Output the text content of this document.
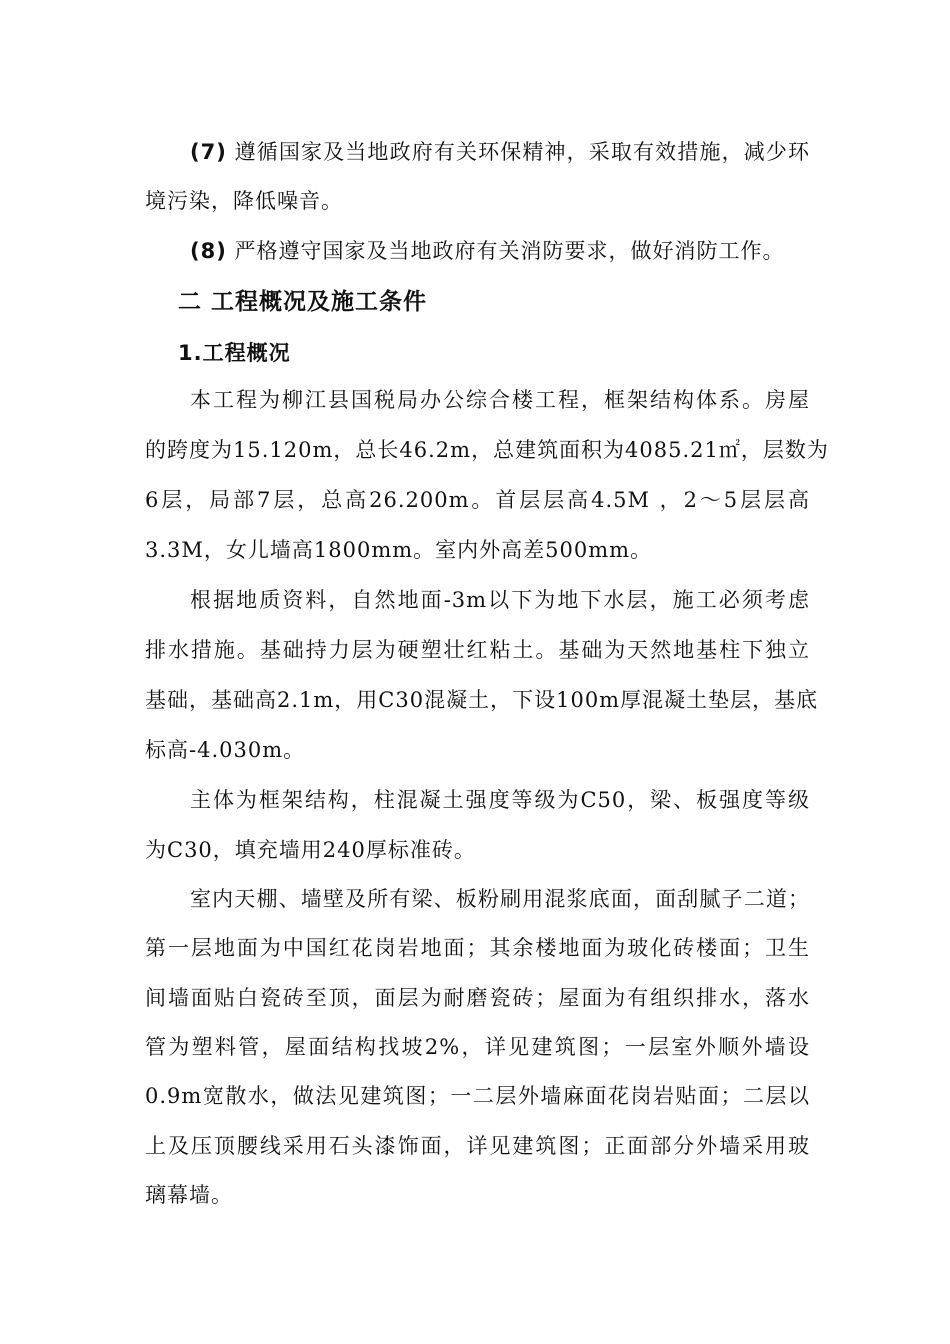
(7) 遵循国家及当地政府有关环保精神，采取有效措施，减少环
境污染，降低噪音。
(8) 严格遵守国家及当地政府有关消防要求，做好消防工作。
二 工程概况及施工条件
1.工程概况
本工程为柳江县国税局办公综合楼工程，框架结构体系。房屋
的跨度为15.120m，总长46.2m，总建筑面积为4085.21㎡，层数为
6层，局部7层，总高26.200m。首层层高4.5M ，2～5层层高
3.3M，女儿墙高1800mm。室内外高差500mm。
根据地质资料，自然地面-3m以下为地下水层，施工必须考虑
排水措施。基础持力层为硬塑壮红粘土。基础为天然地基柱下独立
基础，基础高2.1m，用C30混凝土，下设100m厚混凝土垫层，基底
标高-4.030m。
主体为框架结构，柱混凝土强度等级为C50，梁、板强度等级
为C30，填充墙用240厚标准砖。
室内天棚、墙壁及所有梁、板粉刷用混浆底面，面刮腻子二道；
第一层地面为中国红花岗岩地面；其余楼地面为玻化砖楼面；卫生
间墙面贴白瓷砖至顶，面层为耐磨瓷砖；屋面为有组织排水，落水
管为塑料管，屋面结构找坡2%，详见建筑图；一层室外顺外墙设
0.9m宽散水，做法见建筑图；一二层外墙麻面花岗岩贴面；二层以
上及压顶腰线采用石头漆饰面，详见建筑图；正面部分外墙采用玻
璃幕墙。
